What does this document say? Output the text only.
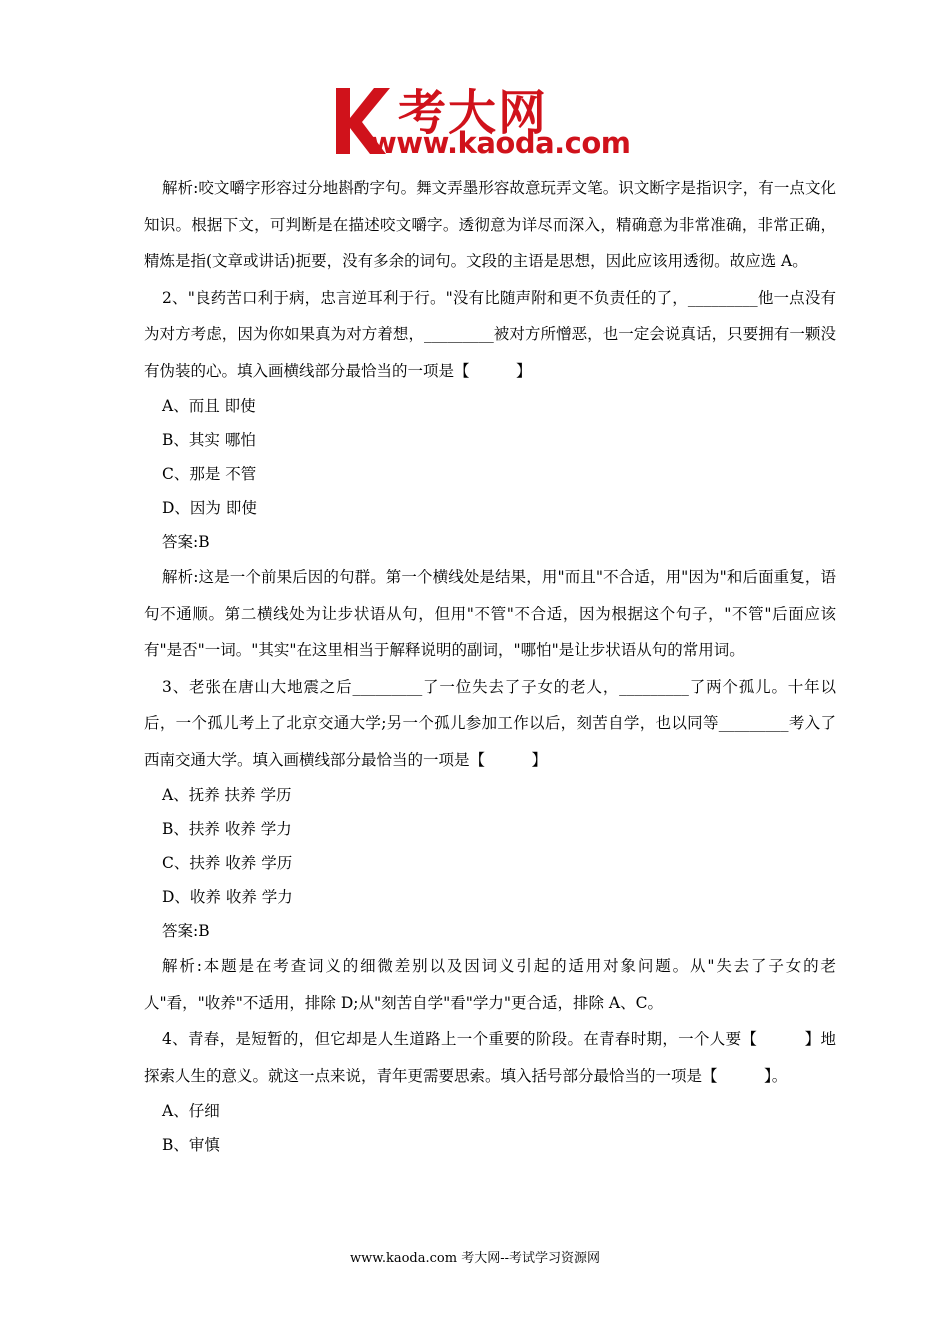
考大网
www.kaoda.com

解析:咬文嚼字形容过分地斟酌字句。舞文弄墨形容故意玩弄文笔。识文断字是指识字，有一点文化知识。根据下文，可判断是在描述咬文嚼字。透彻意为详尽而深入，精确意为非常准确，非常正确，精炼是指(文章或讲话)扼要，没有多余的词句。文段的主语是思想，因此应该用透彻。故应选 A。

2、"良药苦口利于病，忠言逆耳利于行。"没有比随声附和更不负责任的了，_________他一点没有为对方考虑，因为你如果真为对方着想，_________被对方所憎恶，也一定会说真话，只要拥有一颗没有伪装的心。填入画横线部分最恰当的一项是【　　　】

A、而且 即使

B、其实 哪怕

C、那是 不管

D、因为 即使

答案:B

解析:这是一个前果后因的句群。第一个横线处是结果，用"而且"不合适，用"因为"和后面重复，语句不通顺。第二横线处为让步状语从句，但用"不管"不合适，因为根据这个句子，"不管"后面应该有"是否"一词。"其实"在这里相当于解释说明的副词，"哪怕"是让步状语从句的常用词。

3、老张在唐山大地震之后_________了一位失去了子女的老人，_________了两个孤儿。十年以后，一个孤儿考上了北京交通大学;另一个孤儿参加工作以后，刻苦自学，也以同等_________考入了西南交通大学。填入画横线部分最恰当的一项是【　　　】

A、抚养 扶养 学历

B、扶养 收养 学力

C、扶养 收养 学历

D、收养 收养 学力

答案:B

解析:本题是在考查词义的细微差别以及因词义引起的适用对象问题。从"失去了子女的老人"看，"收养"不适用，排除 D;从"刻苦自学"看"学力"更合适，排除 A、C。

4、青春，是短暂的，但它却是人生道路上一个重要的阶段。在青春时期，一个人要【　　　】地探索人生的意义。就这一点来说，青年更需要思索。填入括号部分最恰当的一项是【　　　】。

A、仔细

B、审慎

www.kaoda.com 考大网--考试学习资源网
